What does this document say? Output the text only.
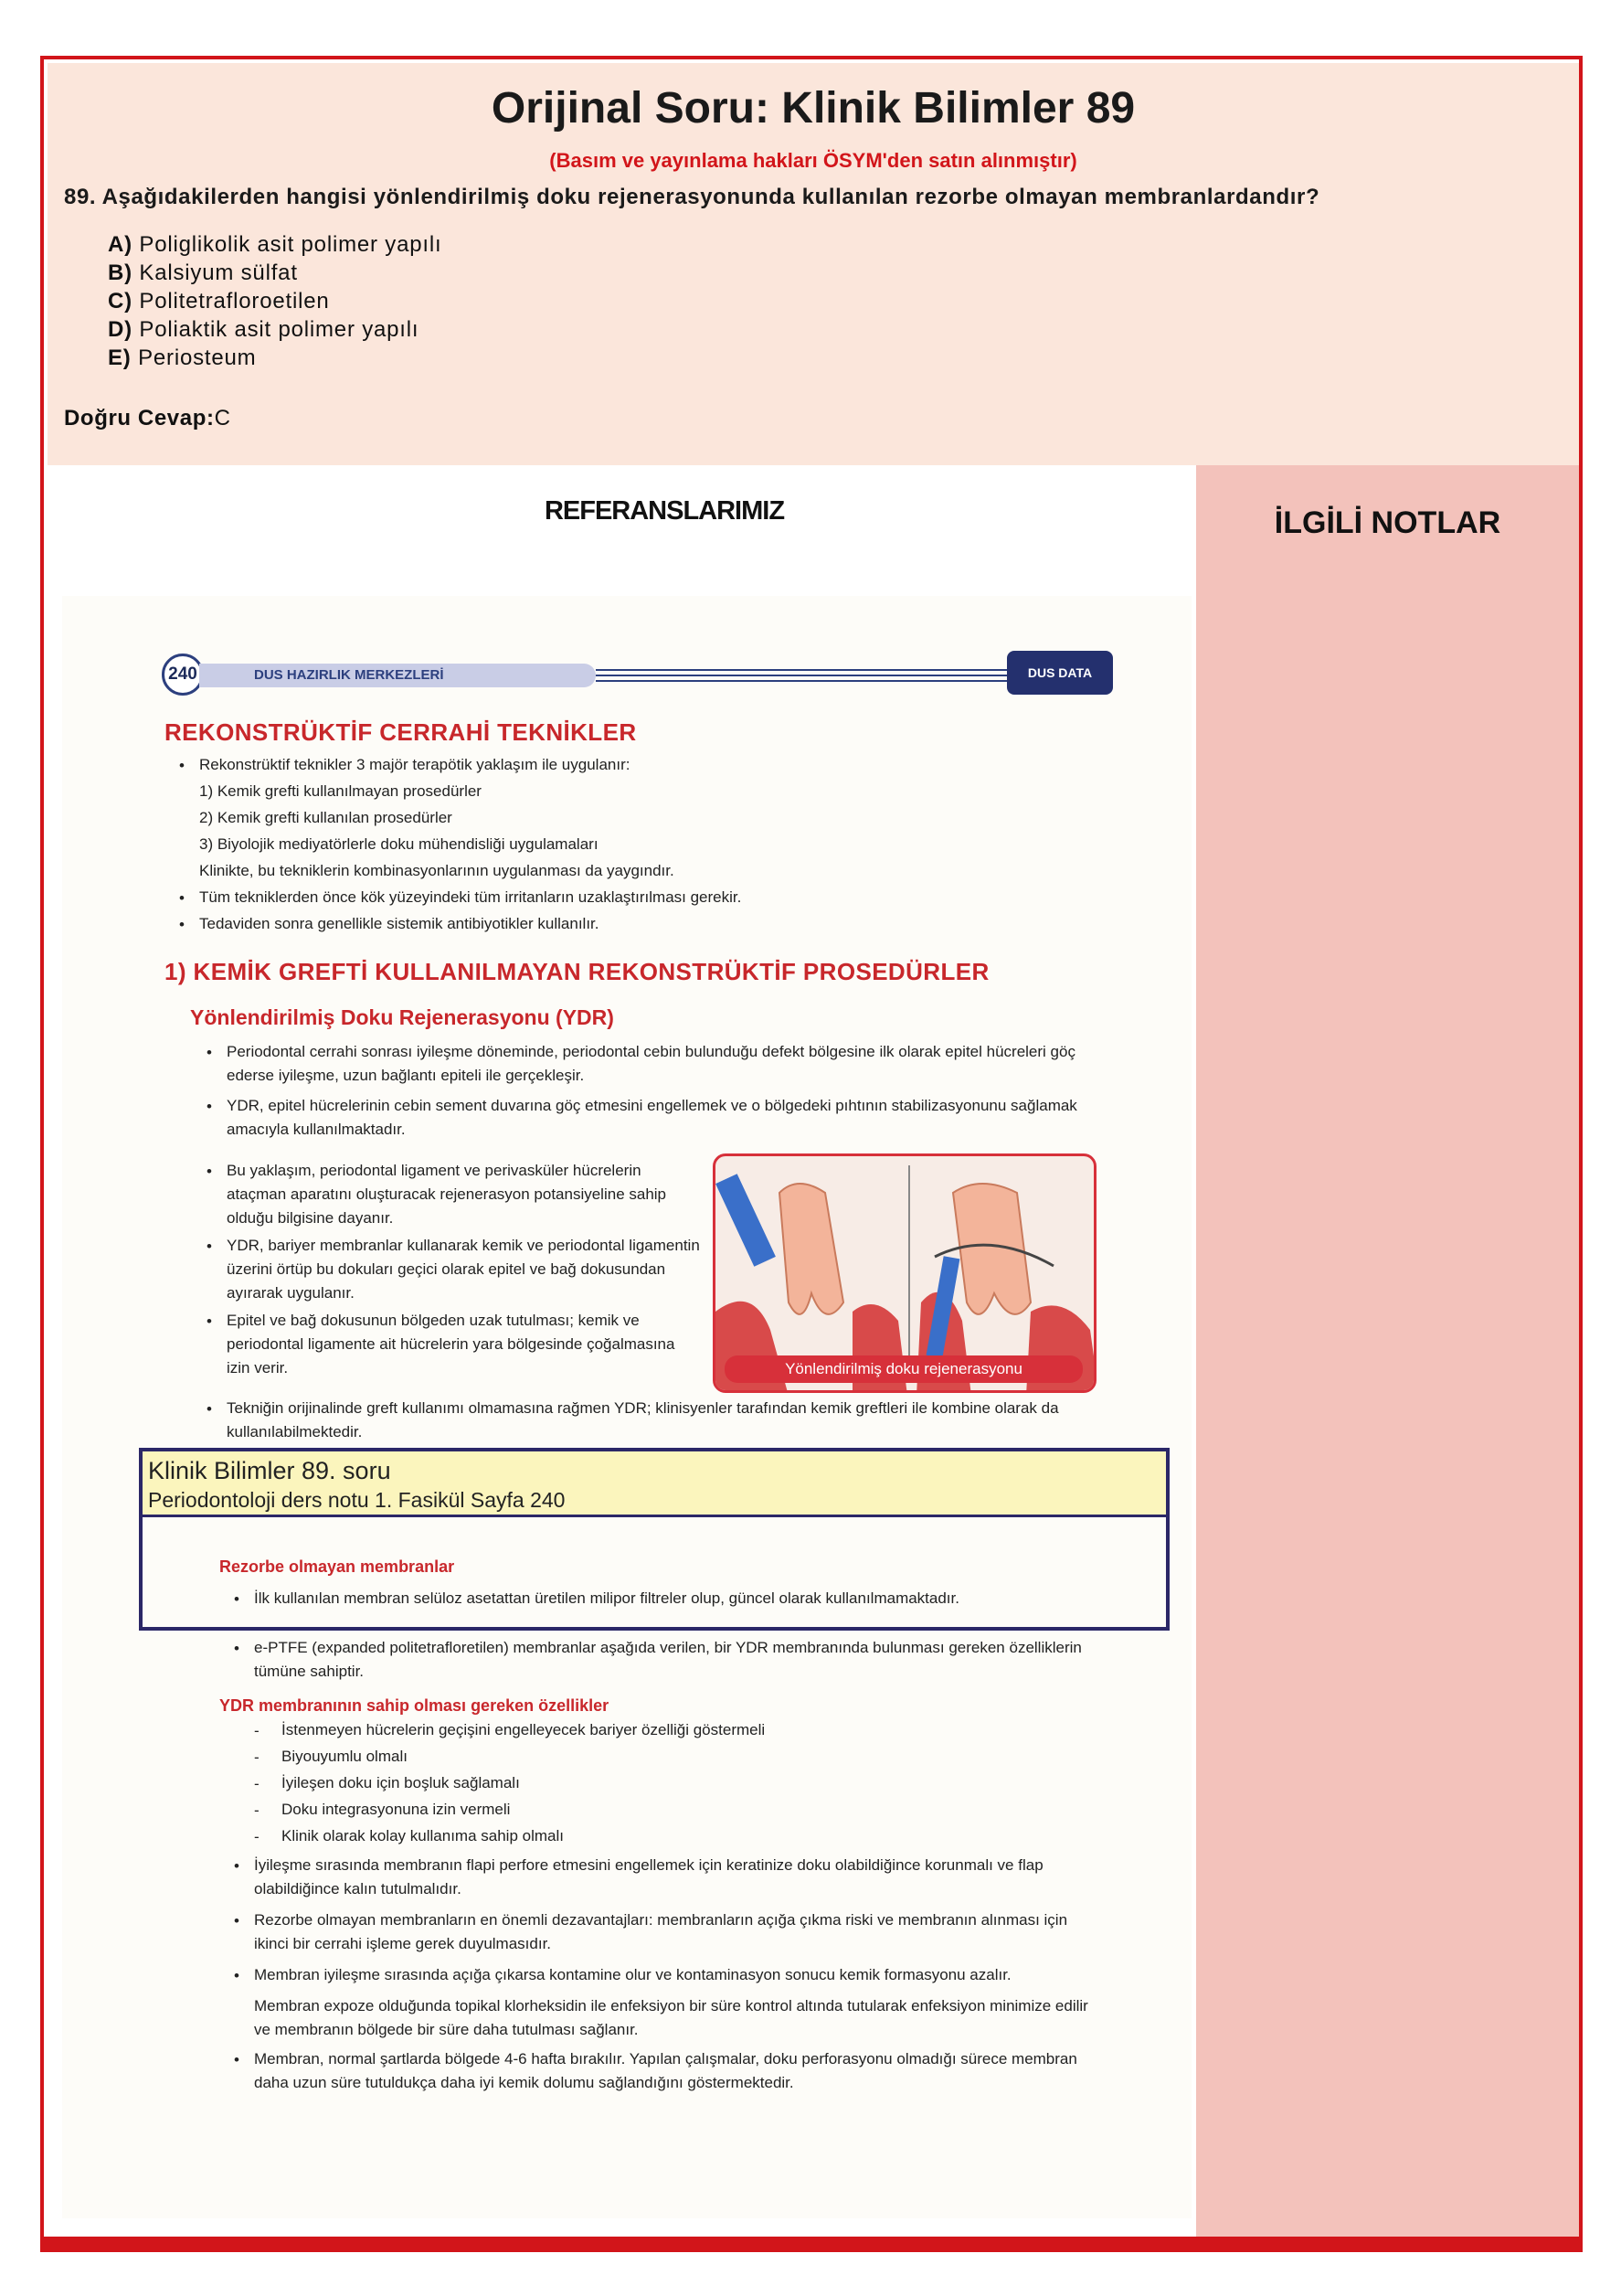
Orijinal Soru: Klinik Bilimler 89
(Basım ve yayınlama hakları ÖSYM'den satın alınmıştır)
89. Aşağıdakilerden hangisi yönlendirilmiş doku rejenerasyonunda kullanılan rezorbe olmayan membranlardandır?
A) Poliglikolik asit polimer yapılı
B) Kalsiyum sülfat
C) Politetrafloroetilen
D) Poliaktik asit polimer yapılı
E) Periosteum
Doğru Cevap:C
REFERANSLARIMIZ	İLGİLİ NOTLAR
240	DUS HAZIRLIK MERKEZLERİ	DUS DATA
REKONSTRÜKTİF CERRAHİ TEKNİKLER
• Rekonstrüktif teknikler 3 majör terapötik yaklaşım ile uygulanır:
1) Kemik grefti kullanılmayan prosedürler
2) Kemik grefti kullanılan prosedürler
3) Biyolojik mediyatörlerle doku mühendisliği uygulamaları
Klinikte, bu tekniklerin kombinasyonlarının uygulanması da yaygındır.
• Tüm tekniklerden önce kök yüzeyindeki tüm irritanların uzaklaştırılması gerekir.
• Tedaviden sonra genellikle sistemik antibiyotikler kullanılır.
1) KEMİK GREFTİ KULLANILMAYAN REKONSTRÜKTİF PROSEDÜRLER
Yönlendirilmiş Doku Rejenerasyonu (YDR)
• Periodontal cerrahi sonrası iyileşme döneminde, periodontal cebin bulunduğu defekt bölgesine ilk olarak epitel hücreleri göç ederse iyileşme, uzun bağlantı epiteli ile gerçekleşir.
• YDR, epitel hücrelerinin cebin sement duvarına göç etmesini engellemek ve o bölgedeki pıhtının stabilizasyonunu sağlamak amacıyla kullanılmaktadır.
• Bu yaklaşım, periodontal ligament ve perivasküler hücrelerin ataçman aparatını oluşturacak rejenerasyon potansiyeline sahip olduğu bilgisine dayanır.
• YDR, bariyer membranlar kullanarak kemik ve periodontal ligamentin üzerini örtüp bu dokuları geçici olarak epitel ve bağ dokusundan ayırarak uygulanır.
• Epitel ve bağ dokusunun bölgeden uzak tutulması; kemik ve periodontal ligamente ait hücrelerin yara bölgesinde çoğalmasına izin verir.
• Tekniğin orijinalinde greft kullanımı olmamasına rağmen YDR; klinisyenler tarafından kemik greftleri ile kombine olarak da kullanılabilmektedir.
Yönlendirilmiş doku rejenerasyonu
Rezorbe olmayan membranlar
• İlk kullanılan membran selüloz asetattan üretilen milipor filtreler olup, güncel olarak kullanılmamaktadır.
• e-PTFE (expanded politetrafloretilen) membranlar aşağıda verilen, bir YDR membranında bulunması gereken özelliklerin tümüne sahiptir.
YDR membranının sahip olması gereken özellikler
- İstenmeyen hücrelerin geçişini engelleyecek bariyer özelliği göstermeli
- Biyouyumlu olmalı
- İyileşen doku için boşluk sağlamalı
- Doku integrasyonuna izin vermeli
- Klinik olarak kolay kullanıma sahip olmalı
• İyileşme sırasında membranın flapi perfore etmesini engellemek için keratinize doku olabildiğince korunmalı ve flap olabildiğince kalın tutulmalıdır.
• Rezorbe olmayan membranların en önemli dezavantajları: membranların açığa çıkma riski ve membranın alınması için ikinci bir cerrahi işleme gerek duyulmasıdır.
• Membran iyileşme sırasında açığa çıkarsa kontamine olur ve kontaminasyon sonucu kemik formasyonu azalır.
Membran expoze olduğunda topikal klorheksidin ile enfeksiyon bir süre kontrol altında tutularak enfeksiyon minimize edilir ve membranın bölgede bir süre daha tutulması sağlanır.
• Membran, normal şartlarda bölgede 4-6 hafta bırakılır. Yapılan çalışmalar, doku perforasyonu olmadığı sürece membran daha uzun süre tutuldukça daha iyi kemik dolumu sağlandığını göstermektedir.
Klinik Bilimler 89. soru
Periodontoloji ders notu 1. Fasikül Sayfa 240
